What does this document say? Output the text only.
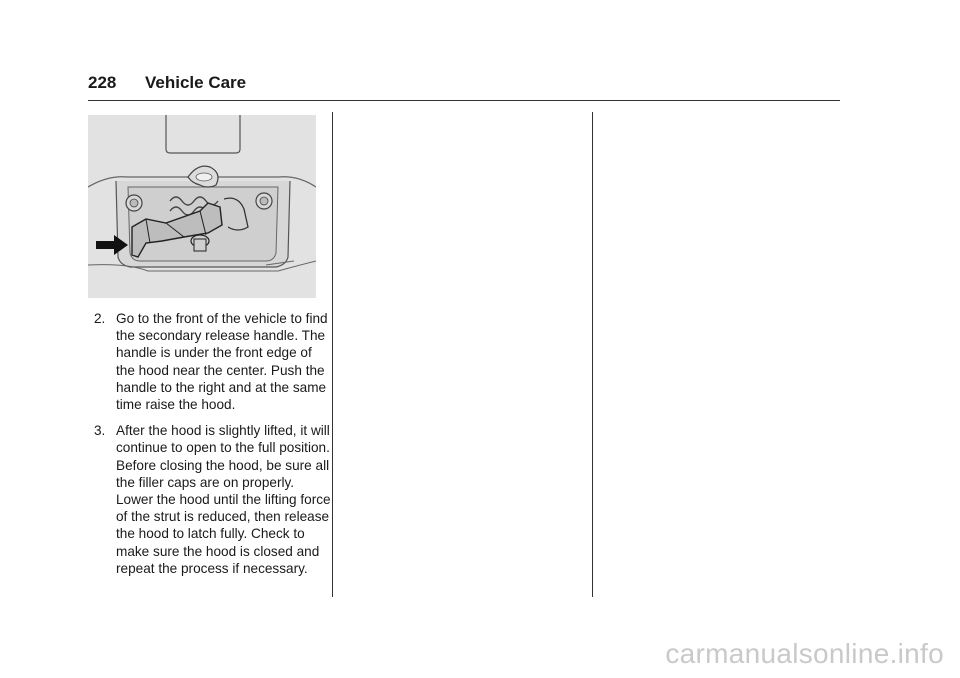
228 Vehicle Care
2. Go to the front of the vehicle to find the secondary release handle. The handle is under the front edge of the hood near the center. Push the handle to the right and at the same time raise the hood.
3. After the hood is slightly lifted, it will continue to open to the full position. Before closing the hood, be sure all the filler caps are on properly. Lower the hood until the lifting force of the strut is reduced, then release the hood to latch fully. Check to make sure the hood is closed and repeat the process if necessary.
carmanualsonline.info
